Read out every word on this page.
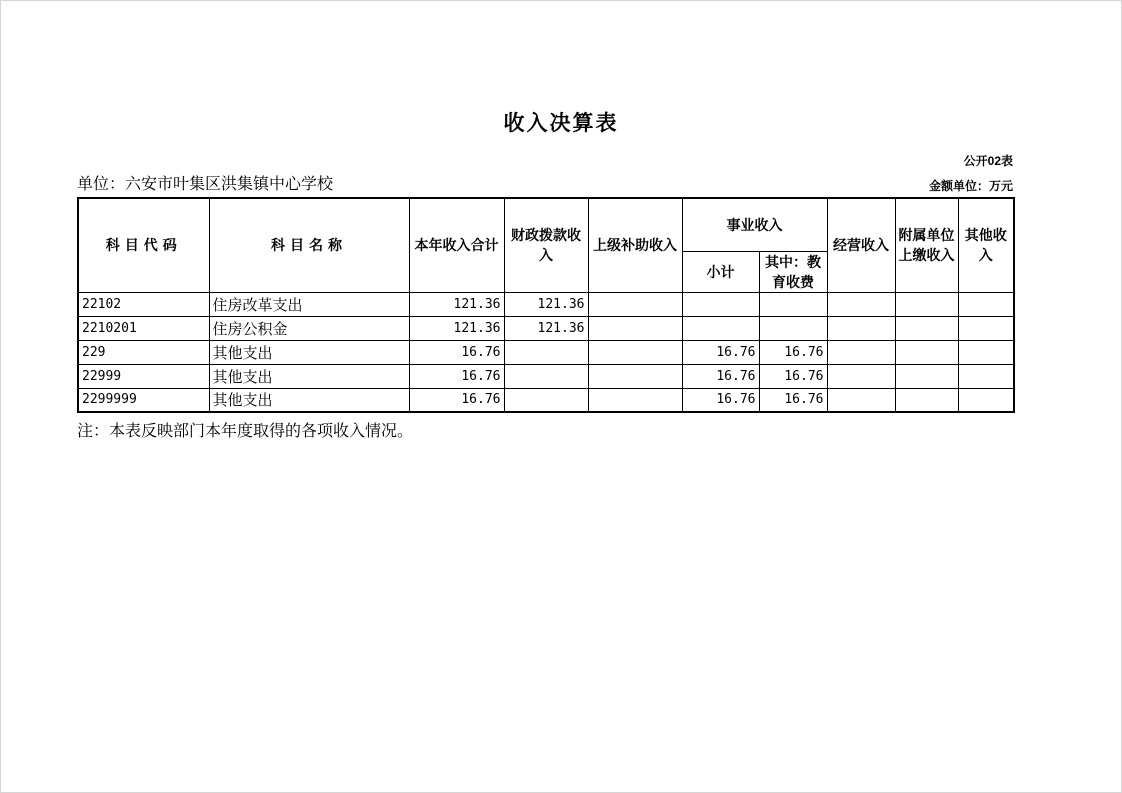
收入决算表
公开02表
单位：六安市叶集区洪集镇中心学校	金额单位：万元
科目代码	科目名称	本年收入合计	财政拨款收入	上级补助收入	事业收入		经营收入	附属单位上缴收入	其他收入
					小计	其中：教育收费			
22102	住房改革支出	121.36	121.36						
2210201	住房公积金	121.36	121.36						
229	其他支出	16.76			16.76	16.76			
22999	其他支出	16.76			16.76	16.76			
2299999	其他支出	16.76			16.76	16.76			
注：本表反映部门本年度取得的各项收入情况。
